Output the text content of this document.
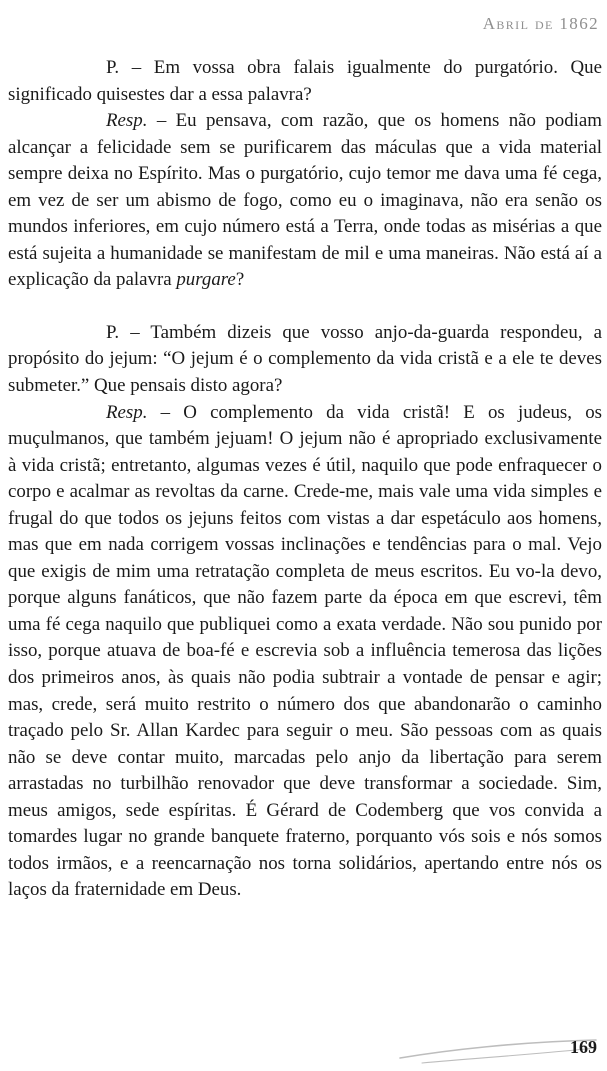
Abril de 1862

P. – Em vossa obra falais igualmente do purgatório. Que significado quisestes dar a essa palavra?

Resp. – Eu pensava, com razão, que os homens não podiam alcançar a felicidade sem se purificarem das máculas que a vida material sempre deixa no Espírito. Mas o purgatório, cujo temor me dava uma fé cega, em vez de ser um abismo de fogo, como eu o imaginava, não era senão os mundos inferiores, em cujo número está a Terra, onde todas as misérias a que está sujeita a humanidade se manifestam de mil e uma maneiras. Não está aí a explicação da palavra purgare?

P. – Também dizeis que vosso anjo-da-guarda respondeu, a propósito do jejum: “O jejum é o complemento da vida cristã e a ele te deves submeter.” Que pensais disto agora?

Resp. – O complemento da vida cristã! E os judeus, os muçulmanos, que também jejuam! O jejum não é apropriado exclusivamente à vida cristã; entretanto, algumas vezes é útil, naquilo que pode enfraquecer o corpo e acalmar as revoltas da carne. Crede-me, mais vale uma vida simples e frugal do que todos os jejuns feitos com vistas a dar espetáculo aos homens, mas que em nada corrigem vossas inclinações e tendências para o mal. Vejo que exigis de mim uma retratação completa de meus escritos. Eu vo-la devo, porque alguns fanáticos, que não fazem parte da época em que escrevi, têm uma fé cega naquilo que publiquei como a exata verdade. Não sou punido por isso, porque atuava de boa-fé e escrevia sob a influência temerosa das lições dos primeiros anos, às quais não podia subtrair a vontade de pensar e agir; mas, crede, será muito restrito o número dos que abandonarão o caminho traçado pelo Sr. Allan Kardec para seguir o meu. São pessoas com as quais não se deve contar muito, marcadas pelo anjo da libertação para serem arrastadas no turbilhão renovador que deve transformar a sociedade. Sim, meus amigos, sede espíritas. É Gérard de Codemberg que vos convida a tomardes lugar no grande banquete fraterno, porquanto vós sois e nós somos todos irmãos, e a reencarnação nos torna solidários, apertando entre nós os laços da fraternidade em Deus.

169
